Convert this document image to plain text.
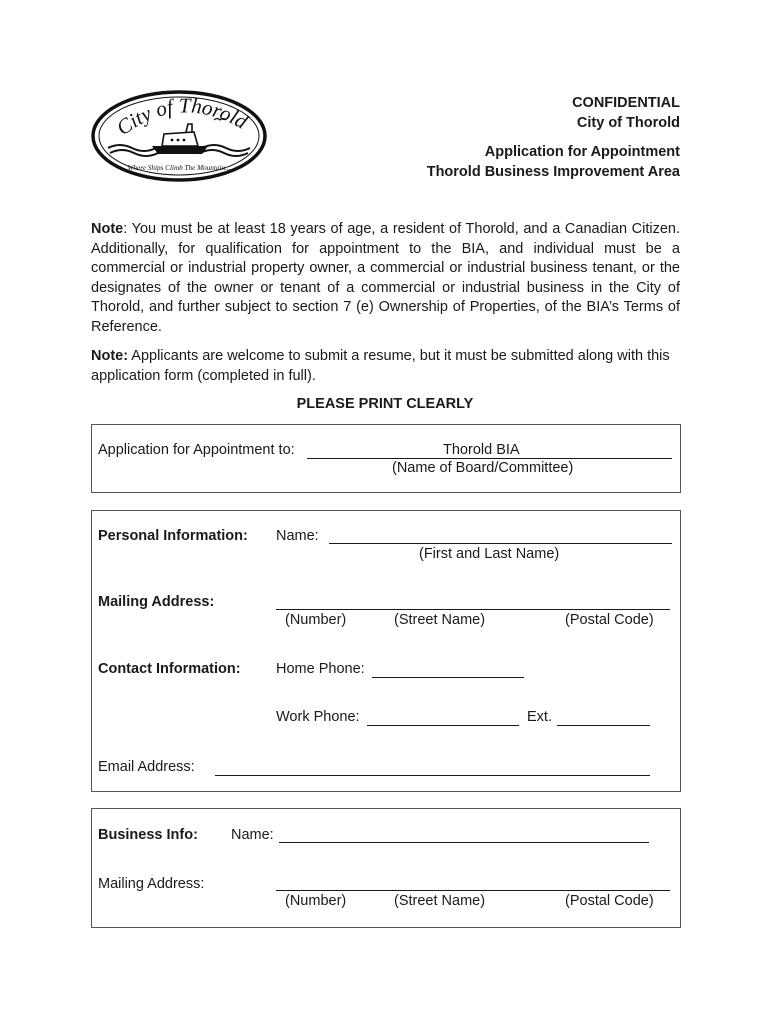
City of Thorold
Where Ships Climb The Mountain...
CONFIDENTIAL
City of Thorold
Application for Appointment
Thorold Business Improvement Area
Note: You must be at least 18 years of age, a resident of Thorold, and a Canadian Citizen. Additionally, for qualification for appointment to the BIA, and individual must be a commercial or industrial property owner, a commercial or industrial business tenant, or the designates of the owner or tenant of a commercial or industrial business in the City of Thorold, and further subject to section 7 (e) Ownership of Properties, of the BIA’s Terms of Reference.
Note: Applicants are welcome to submit a resume, but it must be submitted along with this application form (completed in full).
PLEASE PRINT CLEARLY
Application for Appointment to:	Thorold BIA
(Name of Board/Committee)
Personal Information: Name:
(First and Last Name)
Mailing Address:
(Number)	(Street Name)	(Postal Code)
Contact Information: Home Phone:
Work Phone:	Ext.
Email Address:
Business Info: Name:
Mailing Address:
(Number)	(Street Name)	(Postal Code)
